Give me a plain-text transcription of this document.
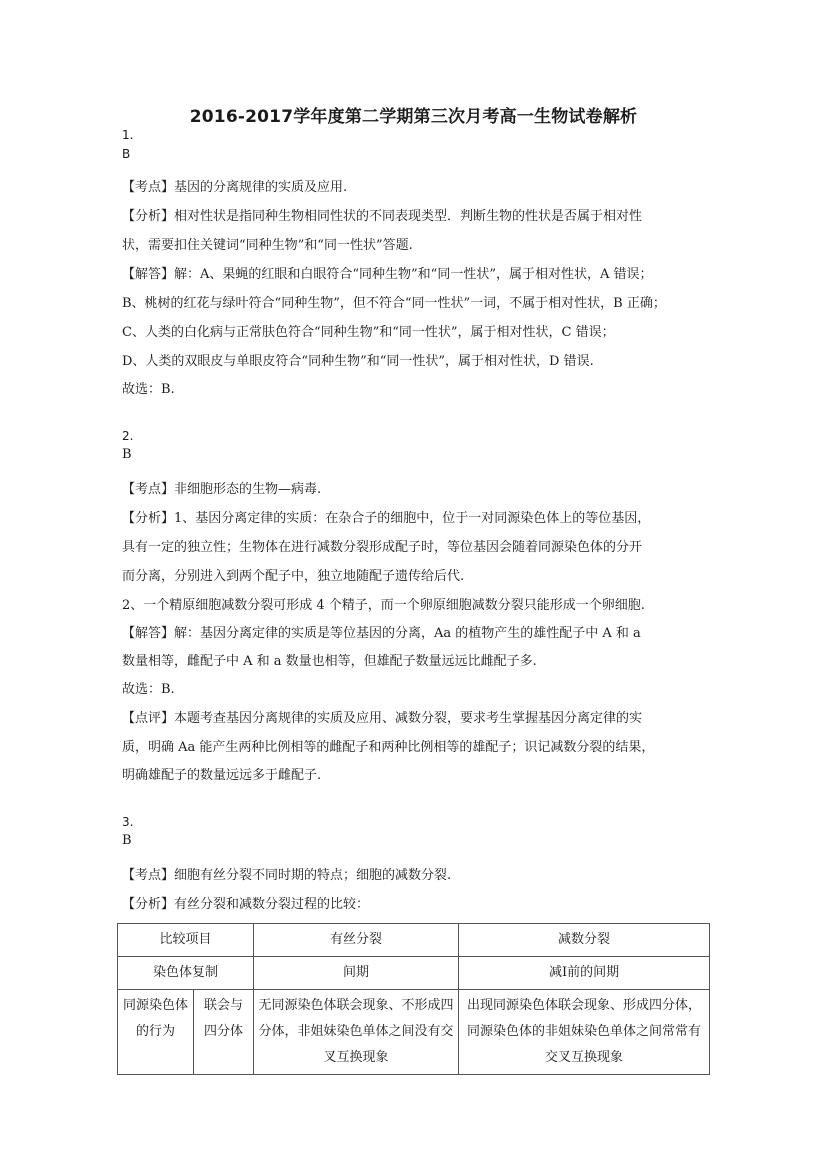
2016-2017学年度第二学期第三次月考高一生物试卷解析
1.
B
【考点】基因的分离规律的实质及应用.
【分析】相对性状是指同种生物相同性状的不同表现类型．判断生物的性状是否属于相对性
状，需要扣住关键词“同种生物”和“同一性状”答题.
【解答】解：A、果蝇的红眼和白眼符合“同种生物”和“同一性状”，属于相对性状，A 错误；
B、桃树的红花与绿叶符合“同种生物”，但不符合“同一性状”一词，不属于相对性状，B 正确；
C、人类的白化病与正常肤色符合“同种生物”和“同一性状”，属于相对性状，C 错误；
D、人类的双眼皮与单眼皮符合“同种生物”和“同一性状”，属于相对性状，D 错误.
故选：B.
2.
B
【考点】非细胞形态的生物—病毒.
【分析】1、基因分离定律的实质：在杂合子的细胞中，位于一对同源染色体上的等位基因，
具有一定的独立性；生物体在进行减数分裂形成配子时，等位基因会随着同源染色体的分开
而分离，分别进入到两个配子中，独立地随配子遗传给后代.
2、一个精原细胞减数分裂可形成 4 个精子，而一个卵原细胞减数分裂只能形成一个卵细胞.
【解答】解：基因分离定律的实质是等位基因的分离，Aa 的植物产生的雄性配子中 A 和 a
数量相等，雌配子中 A 和 a 数量也相等，但雄配子数量远远比雌配子多.
故选：B.
【点评】本题考查基因分离规律的实质及应用、减数分裂，要求考生掌握基因分离定律的实
质，明确 Aa 能产生两种比例相等的雌配子和两种比例相等的雄配子；识记减数分裂的结果，
明确雄配子的数量远远多于雌配子.
3.
B
【考点】细胞有丝分裂不同时期的特点；细胞的减数分裂.
【分析】有丝分裂和减数分裂过程的比较：
比较项目		有丝分裂	减数分裂
染色体复制		间期	减Ⅰ前的间期
同源染色体的行为	联会与四分体	无同源染色体联会现象、不形成四分体，非姐妹染色单体之间没有交叉互换现象	出现同源染色体联会现象、形成四分体，同源染色体的非姐妹染色单体之间常常有交叉互换现象
